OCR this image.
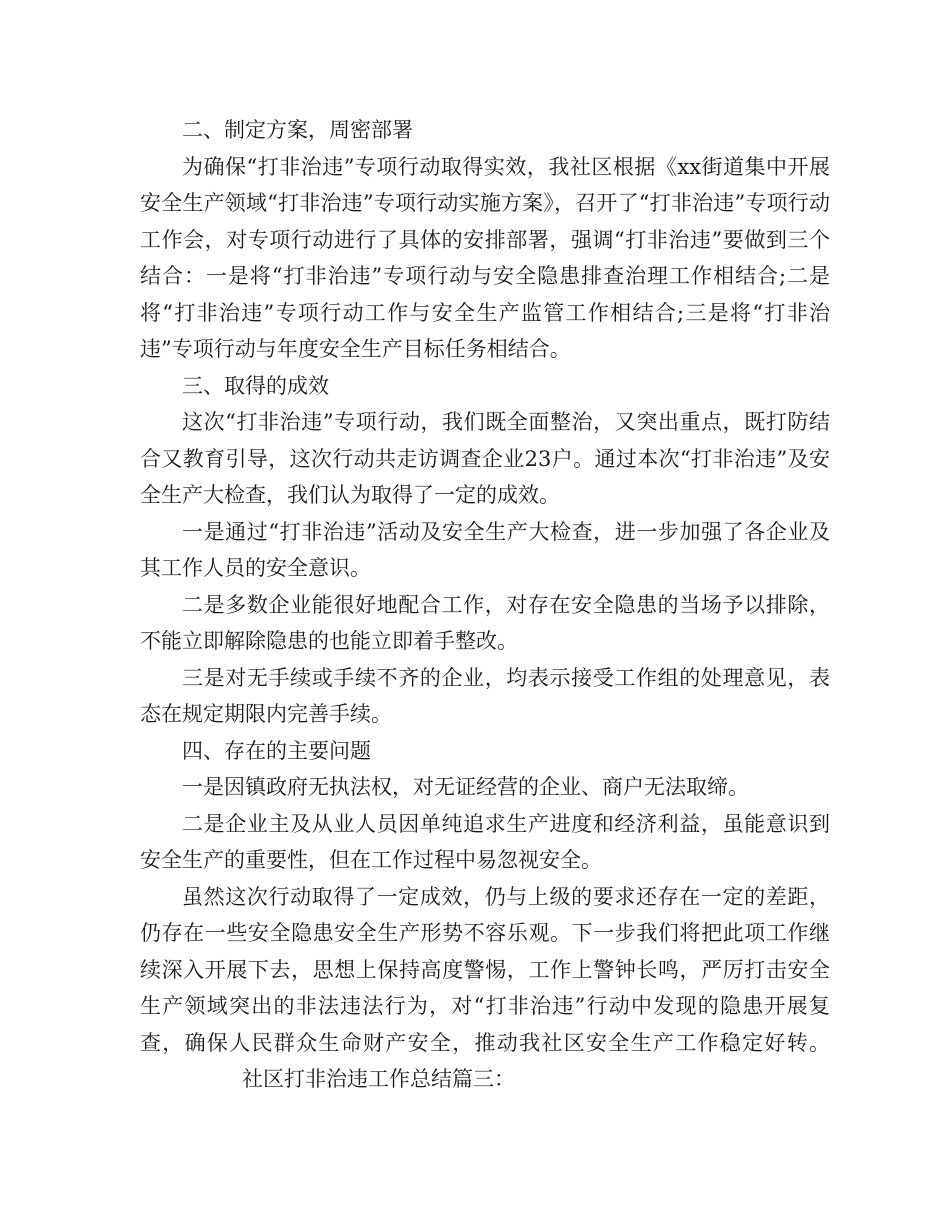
二、制定方案，周密部署

为确保“打非治违”专项行动取得实效，我社区根据《xx街道集中开展安全生产领域“打非治违”专项行动实施方案》，召开了“打非治违”专项行动工作会，对专项行动进行了具体的安排部署，强调“打非治违”要做到三个结合：一是将“打非治违”专项行动与安全隐患排查治理工作相结合;二是将“打非治违”专项行动工作与安全生产监管工作相结合;三是将“打非治违”专项行动与年度安全生产目标任务相结合。

三、取得的成效

这次“打非治违”专项行动，我们既全面整治，又突出重点，既打防结合又教育引导，这次行动共走访调查企业23户。通过本次“打非治违”及安全生产大检查，我们认为取得了一定的成效。

一是通过“打非治违”活动及安全生产大检查，进一步加强了各企业及其工作人员的安全意识。

二是多数企业能很好地配合工作，对存在安全隐患的当场予以排除，不能立即解除隐患的也能立即着手整改。

三是对无手续或手续不齐的企业，均表示接受工作组的处理意见，表态在规定期限内完善手续。

四、存在的主要问题

一是因镇政府无执法权，对无证经营的企业、商户无法取缔。

二是企业主及从业人员因单纯追求生产进度和经济利益，虽能意识到安全生产的重要性，但在工作过程中易忽视安全。

虽然这次行动取得了一定成效，仍与上级的要求还存在一定的差距，仍存在一些安全隐患安全生产形势不容乐观。下一步我们将把此项工作继续深入开展下去，思想上保持高度警惕，工作上警钟长鸣，严厉打击安全生产领域突出的非法违法行为，对“打非治违”行动中发现的隐患开展复查，确保人民群众生命财产安全，推动我社区安全生产工作稳定好转。社区打非治违工作总结篇三：
